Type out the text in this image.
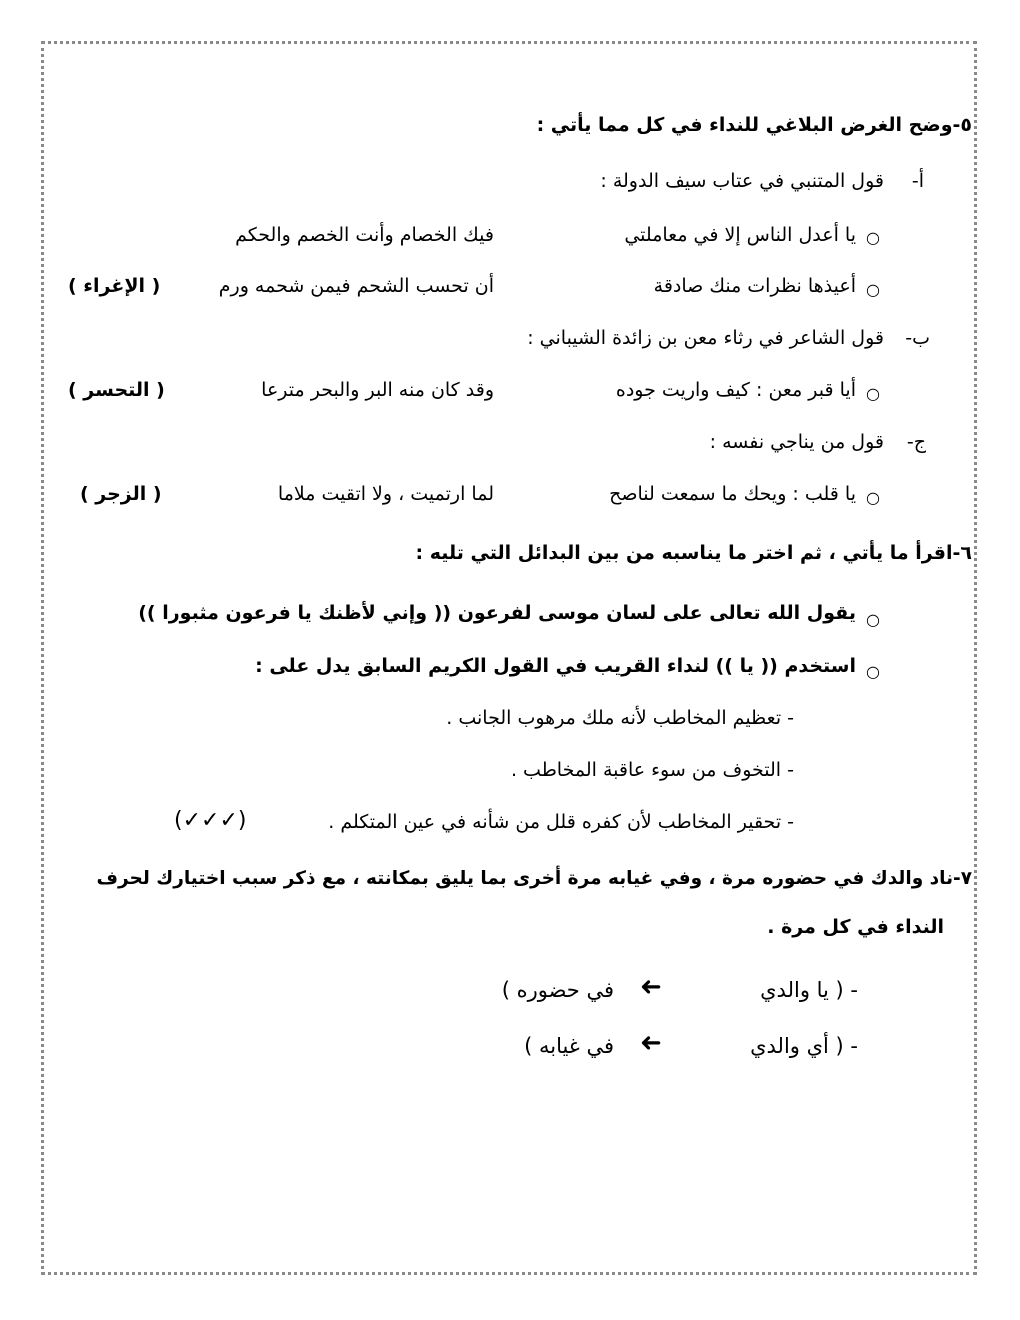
٥-وضح الغرض البلاغي للنداء في كل مما يأتي :
أ-
قول المتنبي في عتاب سيف الدولة :
○
يا أعدل الناس إلا في معاملتي
فيك الخصام وأنت الخصم والحكم
○
أعيذها نظرات منك صادقة
أن تحسب الشحم فيمن شحمه ورم
( الإغراء )
ب-
قول الشاعر في رثاء معن بن زائدة الشيباني :
○
أيا قبر معن : كيف واريت جوده
وقد كان منه البر والبحر مترعا
( التحسر )
ج-
قول من يناجي نفسه :
○
يا قلب : ويحك ما سمعت لناصح
لما ارتميت ، ولا اتقيت ملاما
( الزجر )
٦-اقرأ ما يأتي ، ثم اختر ما يناسبه من بين البدائل التي تليه :
○
يقول الله تعالى على لسان موسى لفرعون (( وإني لأظنك يا فرعون مثبورا ))
○
استخدم (( يا )) لنداء القريب في القول الكريم السابق يدل على :
- تعظيم المخاطب لأنه ملك مرهوب الجانب .
- التخوف من سوء عاقبة المخاطب .
- تحقير المخاطب لأن كفره قلل من شأنه في عين المتكلم .
(✓✓✓)
٧-ناد والدك في حضوره مرة ، وفي غيابه مرة أخرى بما يليق بمكانته ، مع ذكر سبب اختيارك لحرف
النداء في كل مرة .
- ( يا والدي
➜
في حضوره )
- ( أي والدي
➜
في غيابه )
